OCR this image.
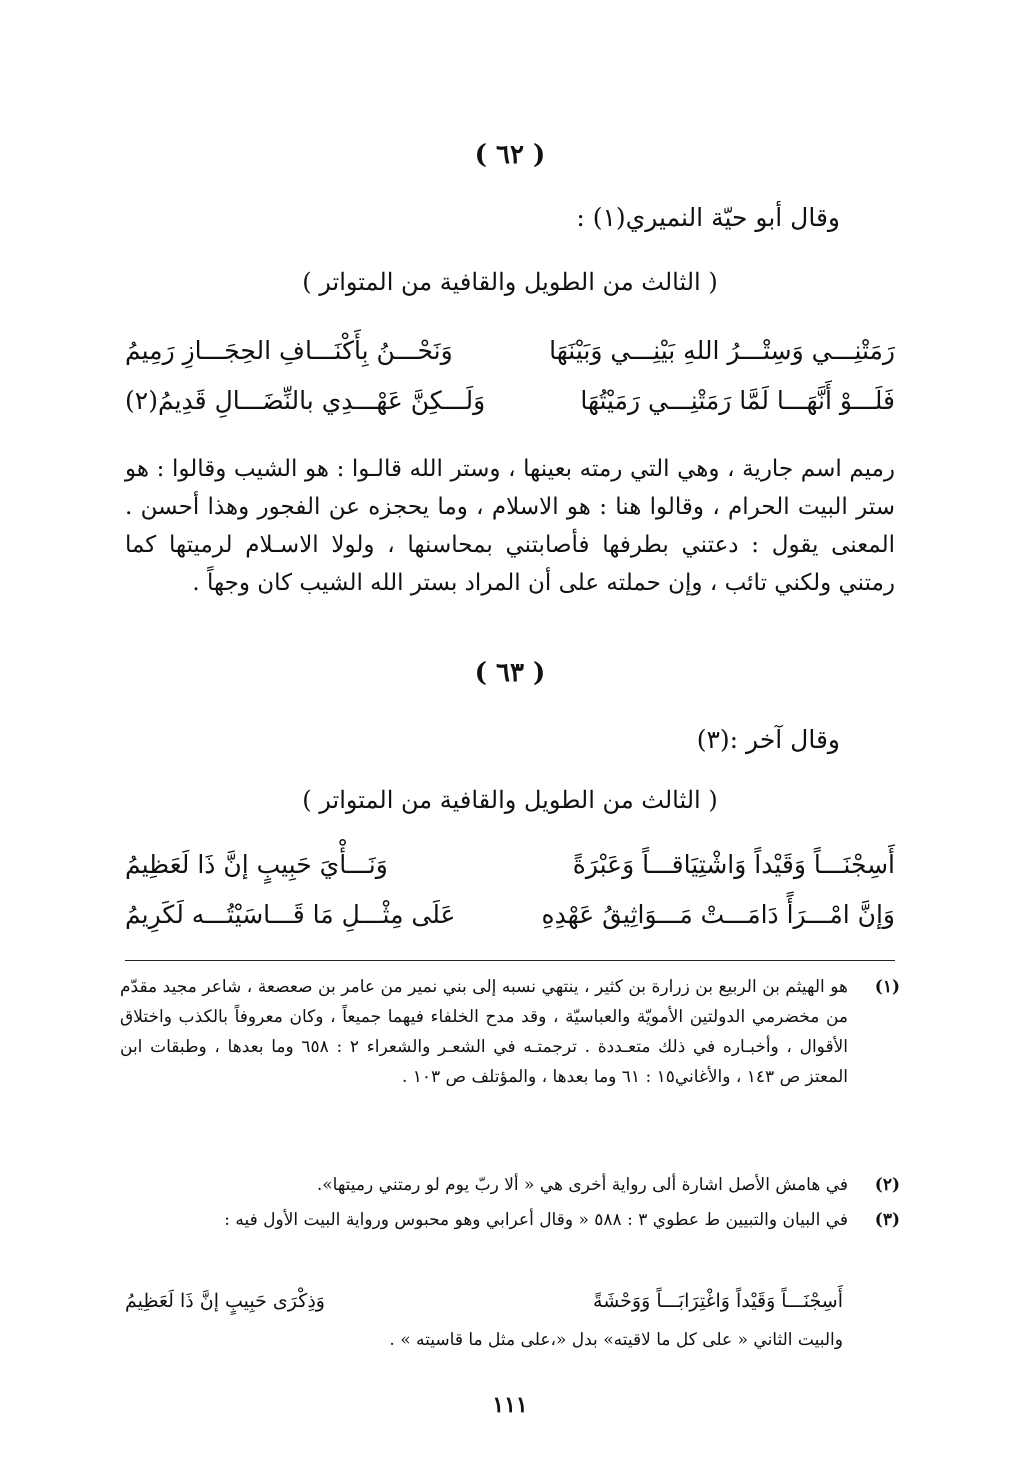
( ٦٢ )
وقال أبو حيّة النميري(١) :
( الثالث من الطويل والقافية من المتواتر )
رَمَتْنِـــي وَسِتْـــرُ اللهِ بَيْنِـــي وَبَيْنَهَا
وَنَحْـــنُ بِأَكْنَـــافِ الحِجَـــازِ رَمِيمُ
فَلَـــوْ أَنَّهَـــا لَمَّا رَمَتْنِـــي رَمَيْتُهَا
وَلَـــكِنَّ عَهْـــدِي بالنِّضَـــالِ قَدِيمُ(٢)
رميم اسم جارية ، وهي التي رمته بعينها ، وستر الله قالـوا : هو الشيب وقالوا : هو ستر البيت الحرام ، وقالوا هنا : هو الاسلام ، وما يحجزه عن الفجور وهذا أحسن . المعنى يقول : دعتني بطرفها فأصابتني بمحاسنها ، ولولا الاسـلام لرميتها كما رمتني ولكني تائب ، وإن حملته على أن المراد بستر الله الشيب كان وجهاً .
( ٦٣ )
وقال آخر :(٣)
( الثالث من الطويل والقافية من المتواتر )
أَسِجْنَـــاً وَقَيْداً وَاشْتِيَاقـــاً وَعَبْرَةً
وَنَـــأْيَ حَبِيبٍ إنَّ ذَا لَعَظِيمُ
وَإنَّ امْـــرَأً دَامَـــتْ مَـــوَاثِيقُ عَهْدِهِ
عَلَى مِثْـــلِ مَا قَـــاسَيْتُـــه لَكَرِيمُ
(١)
هو الهيثم بن الربيع بن زرارة بن كثير ، ينتهي نسبه إلى بني نمير من عامر بن صعصعة ، شاعر مجيد مقدّم من مخضرمي الدولتين الأمويّة والعباسيّة ، وقد مدح الخلفاء فيهما جميعاً ، وكان معروفاً بالكذب واختلاق الأقوال ، وأخبـاره في ذلك متعـددة . ترجمتـه في الشعـر والشعراء ٢ : ٦٥٨ وما بعدها ، وطبقات ابن المعتز ص ١٤٣ ، والأغاني١٥ : ٦١ وما بعدها ، والمؤتلف ص ١٠٣ .
(٢)
في هامش الأصل اشارة ألى رواية أخرى هي « ألا ربّ يوم لو رمتني رميتها».
(٣)
في البيان والتبيين ط عطوي ٣ : ٥٨٨ « وقال أعرابي وهو محبوس ورواية البيت الأول فيه :
أَسِجْنَـــاً وَقَيْداً وَاغْتِرَابَـــاً وَوَحْشَةً
وَذِكْرَى حَبِيبٍ إنَّ ذَا لَعَظِيمُ
والبيت الثاني « على كل ما لاقيته» بدل «،على مثل ما قاسيته » .
١١١
